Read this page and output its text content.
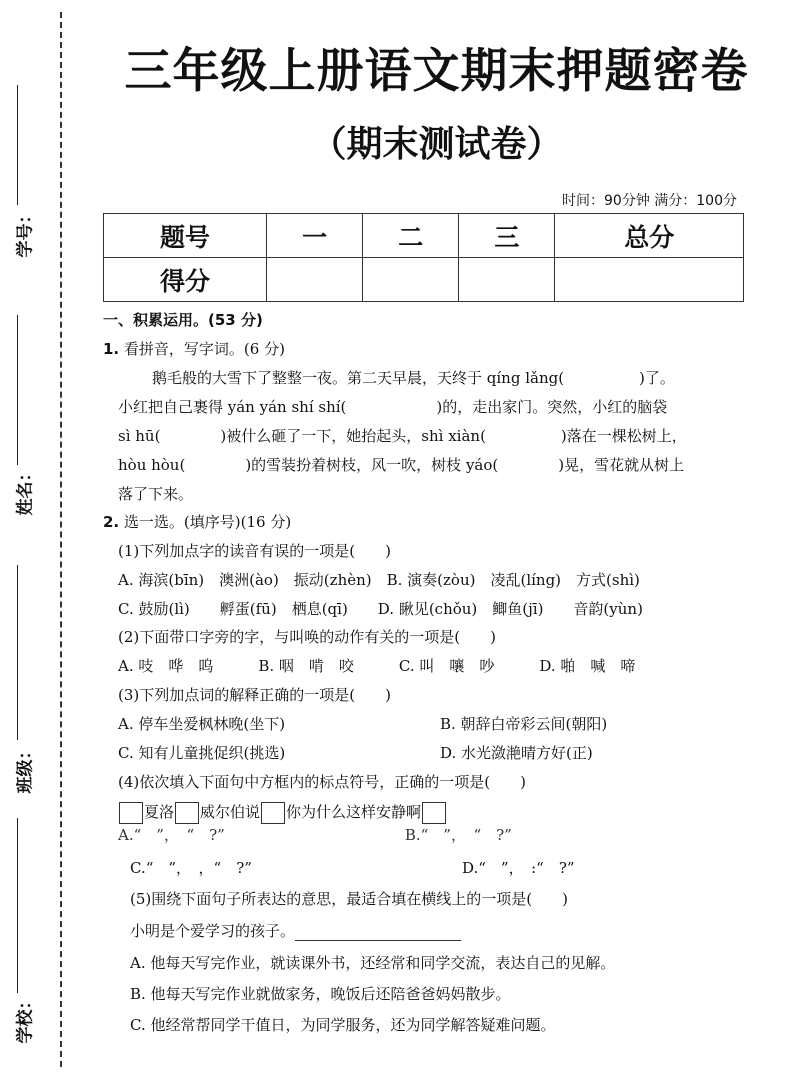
学号：
姓名：
班级：
学校：
三年级上册语文期末押题密卷
（期末测试卷）
时间：90分钟 满分：100分
题号	一	二	三	总分
得分				
一、积累运用。(53 分)
1. 看拼音，写字词。(6 分)
鹅毛般的大雪下了整整一夜。第二天早晨，天终于 qíng lǎng(　　　　　)了。
小红把自己裹得 yán yán shí shí(　　　　　　)的，走出家门。突然，小红的脑袋
sì hū(　　　　)被什么砸了一下，她抬起头，shì xiàn(　　　　　)落在一棵松树上，
hòu hòu(　　　　)的雪装扮着树枝，风一吹，树枝 yáo(　　　　)晃，雪花就从树上
落了下来。
2. 选一选。(填序号)(16 分)
(1)下列加点字的读音有误的一项是(　　)
A. 海滨(bīn)　澳洲(ào)　振动(zhèn)　B. 演奏(zòu)　凌乱(líng)　方式(shì)
C. 鼓励(lì)　　孵蛋(fū)　栖息(qī)　　D. 瞅见(chǒu)　鲫鱼(jī)　　音韵(yùn)
(2)下面带口字旁的字，与叫唤的动作有关的一项是(　　)
A. 吱　哗　呜　　　B. 咽　啃　咬　　　C. 叫　嚷　吵　　　D. 啪　喊　啼
(3)下列加点词的解释正确的一项是(　　)
A. 停车坐爱枫林晚(坐下)	B. 朝辞白帝彩云间(朝阳)
C. 知有儿童挑促织(挑选)	D. 水光潋滟晴方好(正)
(4)依次填入下面句中方框内的标点符号，正确的一项是(　　)
夏洛 威尔伯说 你为什么这样安静啊
A.“　”，　“　?”　　　　　　　　　　　　B.“　”，　“　?”
C.“　”，　，“　?”	D.“　”，　:“　?”
(5)围绕下面句子所表达的意思，最适合填在横线上的一项是(　　)
小明是个爱学习的孩子。
A. 他每天写完作业，就读课外书，还经常和同学交流，表达自己的见解。
B. 他每天写完作业就做家务，晚饭后还陪爸爸妈妈散步。
C. 他经常帮同学干值日，为同学服务，还为同学解答疑难问题。
